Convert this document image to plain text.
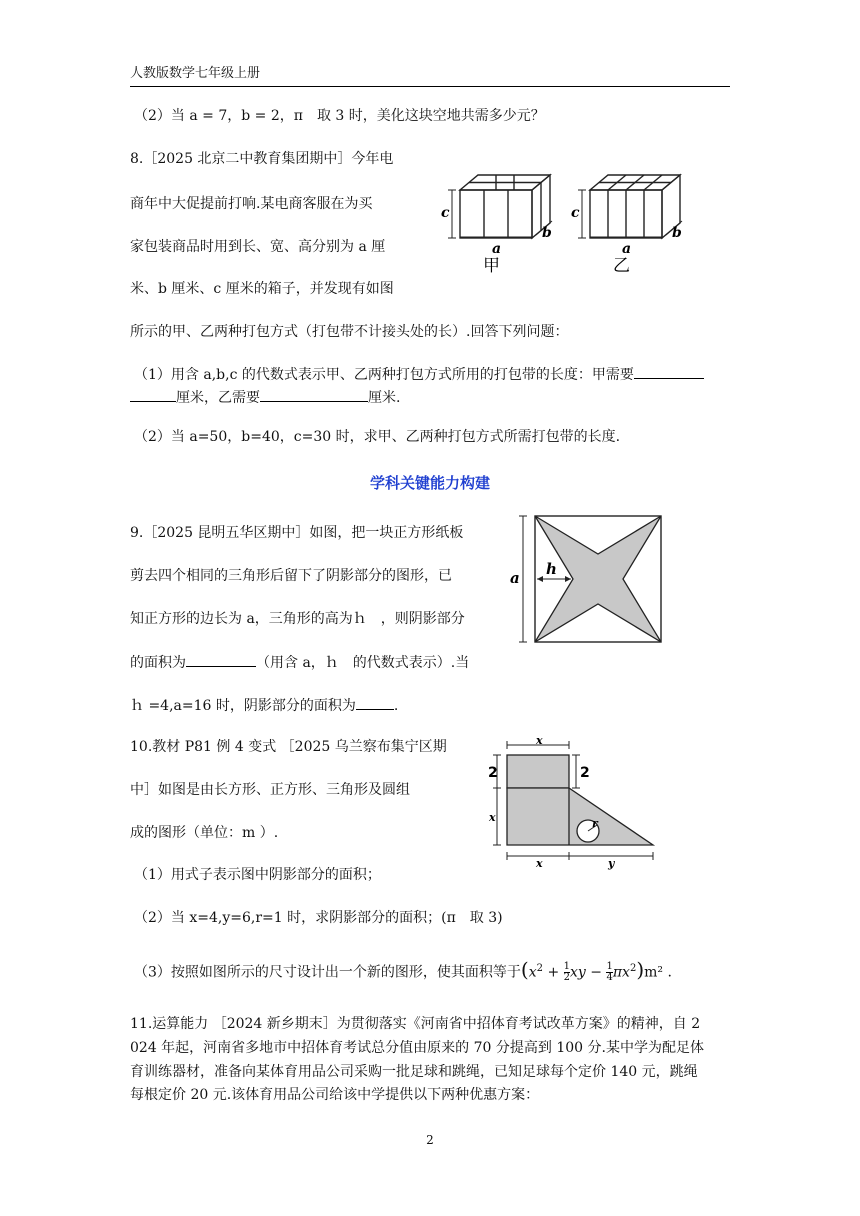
人教版数学七年级上册
（2）当 a = 7，b = 2，π　取 3 时，美化这块空地共需多少元？
8.［2025 北京二中教育集团期中］今年电
商年中大促提前打响.某电商客服在为买
家包装商品时用到长、宽、高分别为 a 厘
米、b 厘米、c 厘米的箱子，并发现有如图
所示的甲、乙两种打包方式（打包带不计接头处的长）.回答下列问题：
（1）用含 a,b,c 的代数式表示甲、乙两种打包方式所用的打包带的长度：甲需要
厘米，乙需要	厘米.
（2）当 a=50，b=40，c=30 时，求甲、乙两种打包方式所需打包带的长度.
c
a
b
c
a
b
甲	乙
学科关键能力构建
9.［2025 昆明五华区期中］如图，把一块正方形纸板
剪去四个相同的三角形后留下了阴影部分的图形，已
知正方形的边长为 a，三角形的高为ｈ　，则阴影部分
的面积为	（用含 a，ｈ　的代数式表示）.当
ｈ =4,a=16 时，阴影部分的面积为	.
a h
10.教材 P81 例 4 变式 ［2025 乌兰察布集宁区期
中］如图是由长方形、正方形、三角形及圆组
成的图形（单位：m ）.
（1）用式子表示图中阴影部分的面积；
（2）当 x=4,y=6,r=1 时，求阴影部分的面积；(π　取 3)
（3）按照如图所示的尺寸设计出一个新的图形，使其面积等于($x^2 + \frac{1}{2}$ xy − $\frac{1}{4} \pi x^2)m^2$ .
x
2	2
x	r
x	y
11.运算能力 ［2024 新乡期末］为贯彻落实《河南省中招体育考试改革方案》的精神，自 2
024 年起，河南省多地市中招体育考试总分值由原来的 70 分提高到 100 分.某中学为配足体
育训练器材，准备向某体育用品公司采购一批足球和跳绳，已知足球每个定价 140 元，跳绳
每根定价 20 元.该体育用品公司给该中学提供以下两种优惠方案：
2
